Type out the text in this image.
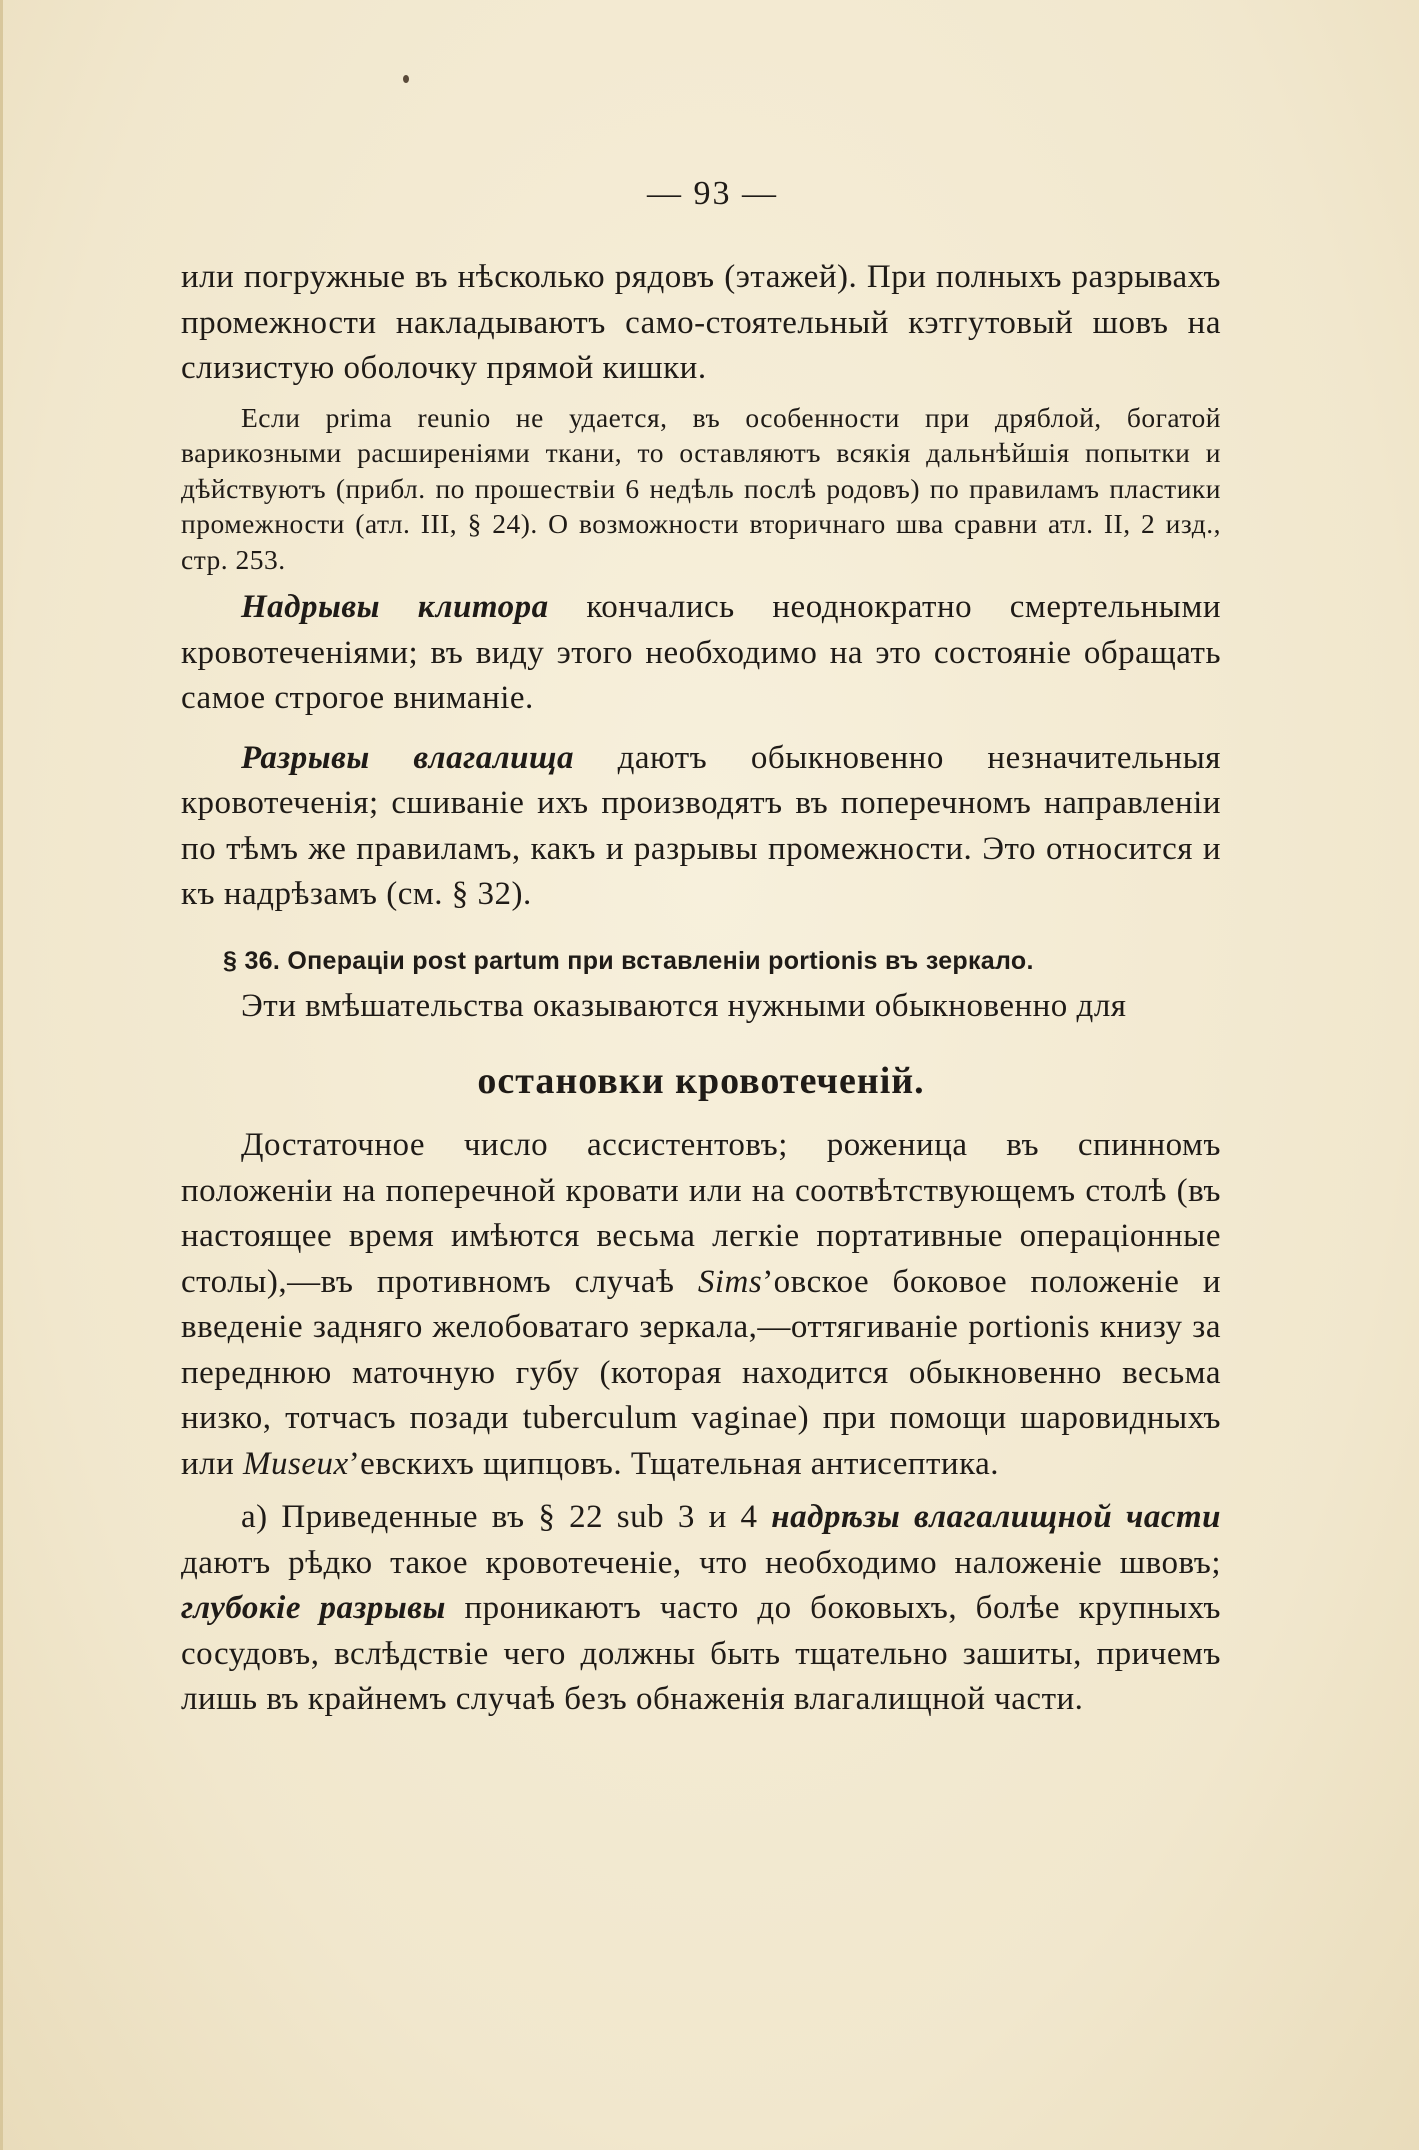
— 93 —

или погружные въ нѣсколько рядовъ (этажей). При полныхъ разрывахъ промежности накладываютъ само-стоятельный кэтгутовый шовъ на слизистую оболочку прямой кишки.

Если prima reunio не удается, въ особенности при дряблой, богатой варикозными расширеніями ткани, то оставляютъ всякія дальнѣйшія попытки и дѣйствуютъ (прибл. по прошествіи 6 недѣль послѣ родовъ) по правиламъ пластики промежности (атл. III, § 24). О возможности вторичнаго шва сравни атл. II, 2 изд., стр. 253.

Надрывы клитора кончались неоднократно смертельными кровотеченіями; въ виду этого необходимо на это состояніе обращать самое строгое вниманіе.

Разрывы влагалища даютъ обыкновенно незначительныя кровотеченія; сшиваніе ихъ производятъ въ поперечномъ направленіи по тѣмъ же правиламъ, какъ и разрывы промежности. Это относится и къ надрѣзамъ (см. § 32).

§ 36. Операціи post partum при вставленіи portionis въ зеркало.

Эти вмѣшательства оказываются нужными обыкновенно для

остановки кровотеченій.

Достаточное число ассистентовъ; роженица въ спинномъ положеніи на поперечной кровати или на соотвѣтствующемъ столѣ (въ настоящее время имѣются весьма легкіе портативные операціонные столы),—въ противномъ случаѣ Sims’овское боковое положеніе и введеніе задняго желобоватаго зеркала,—оттягиваніе portionis книзу за переднюю маточную губу (которая находится обыкновенно весьма низко, тотчасъ позади tuberculum vaginae) при помощи шаровидныхъ или Museux’евскихъ щипцовъ. Тщательная антисептика.

а) Приведенные въ § 22 sub 3 и 4 надрѣзы влагалищной части даютъ рѣдко такое кровотеченіе, что необходимо наложеніе швовъ; глубокіе разрывы проникаютъ часто до боковыхъ, болѣе крупныхъ сосудовъ, вслѣдствіе чего должны быть тщательно зашиты, причемъ лишь въ крайнемъ случаѣ безъ обнаженія влагалищной части.
